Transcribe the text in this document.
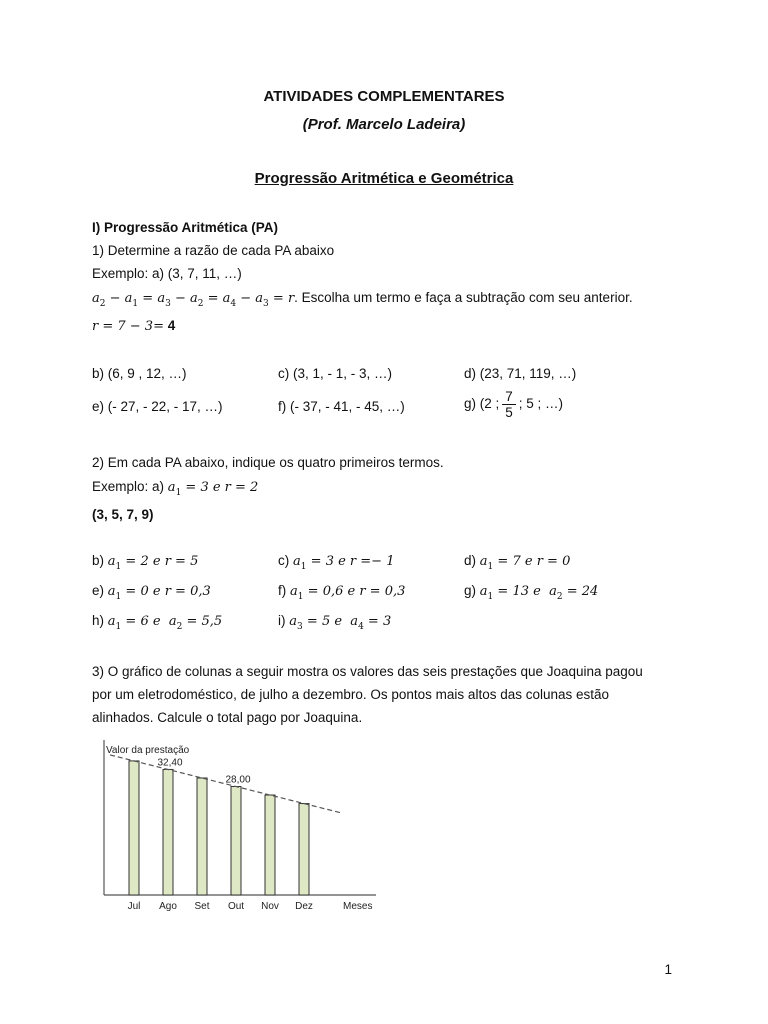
ATIVIDADES COMPLEMENTARES
(Prof. Marcelo Ladeira)
Progressão Aritmética e Geométrica
I) Progressão Aritmética (PA)
1) Determine a razão de cada PA abaixo
Exemplo: a) (3, 7, 11, …)
$a_2 - a_1 = a_3 - a_2 = a_4 - a_3 = r$. Escolha um termo e faça a subtração com seu anterior.
r = 7 − 3= 4
b) (6, 9 , 12, …)	c) (3, 1, - 1, - 3, …)	d) (23, 71, 119, …)
e) (- 27, - 22, - 17, …)	f) (- 37, - 41, - 45, …)	g) (2 ; $\frac{7}{5}$ ; 5 ; …)
2) Em cada PA abaixo, indique os quatro primeiros termos.
Exemplo: a) $a_1 = 3$ e r = 2
(3, 5, 7, 9)
b) $a_1 = 2$ e r = 5	c) $a_1 = 3$ e r =− 1	d) $a_1 = 7$ e r = 0
e) $a_1 = 0$ e r = 0,3	f) $a_1 = 0,6$ e r = 0,3	g) $a_1 = 13$ e  $a_2 = 24$
h) $a_1 = 6$ e  $a_2 = 5,5$	i) $a_3 = 5$ e  $a_4 = 3$
3) O gráfico de colunas a seguir mostra os valores das seis prestações que Joaquina pagou
por um eletrodoméstico, de julho a dezembro. Os pontos mais altos das colunas estão
alinhados. Calcule o total pago por Joaquina.
Valor da prestação
Meses
Jul Ago
32,40
Set Out
28,00
Nov Dez
1
